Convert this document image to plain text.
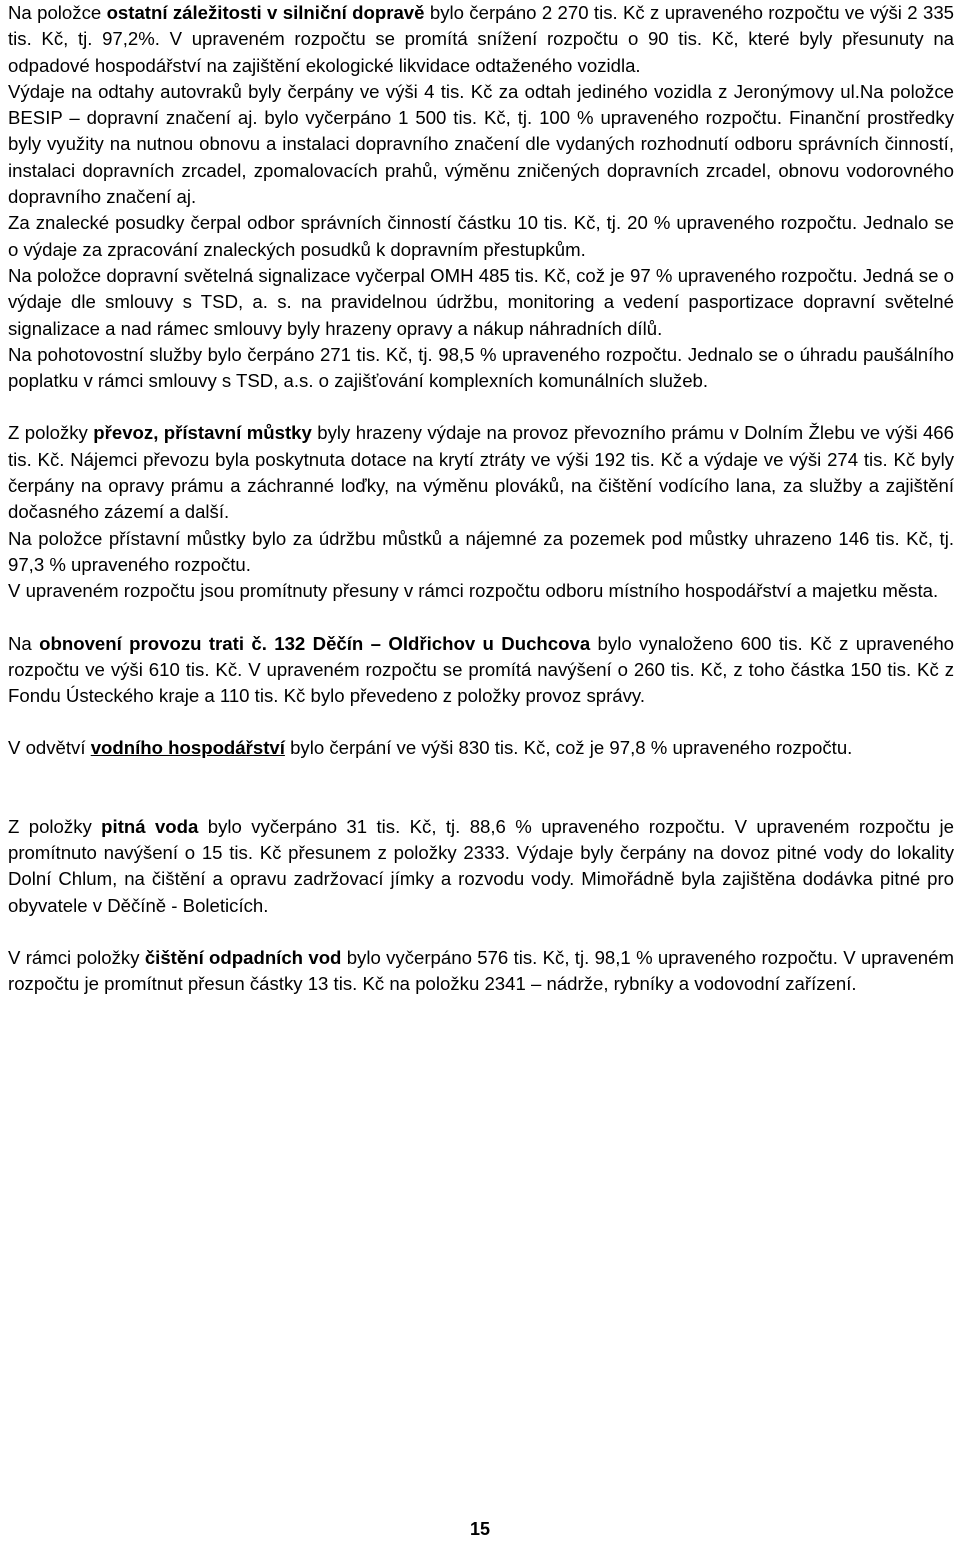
Na položce ostatní záležitosti v silniční dopravě bylo čerpáno 2 270 tis. Kč z upraveného rozpočtu ve výši 2 335 tis. Kč, tj. 97,2%. V upraveném rozpočtu se promítá snížení rozpočtu o 90 tis. Kč, které byly přesunuty na odpadové hospodářství na zajištění ekologické likvidace odtaženého vozidla.

Výdaje na odtahy autovraků byly čerpány ve výši 4 tis. Kč za odtah jediného vozidla z Jeronýmovy ul.Na položce BESIP – dopravní značení aj. bylo vyčerpáno 1 500 tis. Kč, tj. 100 % upraveného rozpočtu. Finanční prostředky byly využity na nutnou obnovu a instalaci dopravního značení dle vydaných rozhodnutí odboru správních činností, instalaci dopravních zrcadel, zpomalovacích prahů, výměnu zničených dopravních zrcadel, obnovu vodorovného dopravního značení aj.

Za znalecké posudky čerpal odbor správních činností částku 10 tis. Kč, tj. 20 % upraveného rozpočtu. Jednalo se o výdaje za zpracování znaleckých posudků k dopravním přestupkům.

Na položce dopravní světelná signalizace vyčerpal OMH 485 tis. Kč, což je 97 % upraveného rozpočtu. Jedná se o výdaje dle smlouvy s TSD, a. s. na pravidelnou údržbu, monitoring a vedení pasportizace dopravní světelné signalizace a nad rámec smlouvy byly hrazeny opravy a nákup náhradních dílů.

Na pohotovostní služby bylo čerpáno 271 tis. Kč, tj. 98,5 % upraveného rozpočtu. Jednalo se o úhradu paušálního poplatku v rámci smlouvy s TSD, a.s. o zajišťování komplexních komunálních služeb.

Z položky převoz, přístavní můstky byly hrazeny výdaje na provoz převozního prámu v Dolním Žlebu ve výši 466 tis. Kč. Nájemci převozu byla poskytnuta dotace na krytí ztráty ve výši 192 tis. Kč a výdaje ve výši 274 tis. Kč byly čerpány na opravy prámu a záchranné loďky, na výměnu plováků, na čištění vodícího lana, za služby a zajištění dočasného zázemí a další.

Na položce přístavní můstky bylo za údržbu můstků a nájemné za pozemek pod můstky uhrazeno 146 tis. Kč, tj. 97,3 % upraveného rozpočtu.

V upraveném rozpočtu jsou promítnuty přesuny v rámci rozpočtu odboru místního hospodářství a majetku města.

Na obnovení provozu trati č. 132 Děčín – Oldřichov u Duchcova bylo vynaloženo 600 tis. Kč z upraveného rozpočtu ve výši 610 tis. Kč. V upraveném rozpočtu se promítá navýšení o 260 tis. Kč, z toho částka 150 tis. Kč z Fondu Ústeckého kraje a 110 tis. Kč bylo převedeno z položky provoz správy.

V odvětví vodního hospodářství bylo čerpání ve výši 830 tis. Kč, což je 97,8 % upraveného rozpočtu.

Z položky pitná voda bylo vyčerpáno 31 tis. Kč, tj. 88,6 % upraveného rozpočtu. V upraveném rozpočtu je promítnuto navýšení o 15 tis. Kč přesunem z položky 2333. Výdaje byly čerpány na dovoz pitné vody do lokality Dolní Chlum, na čištění a opravu zadržovací jímky a rozvodu vody. Mimořádně byla zajištěna dodávka pitné pro obyvatele v Děčíně - Boleticích.

V rámci položky čištění odpadních vod bylo vyčerpáno 576 tis. Kč, tj. 98,1 % upraveného rozpočtu. V upraveném rozpočtu je promítnut přesun částky 13 tis. Kč na položku 2341 – nádrže, rybníky a vodovodní zařízení.

15
